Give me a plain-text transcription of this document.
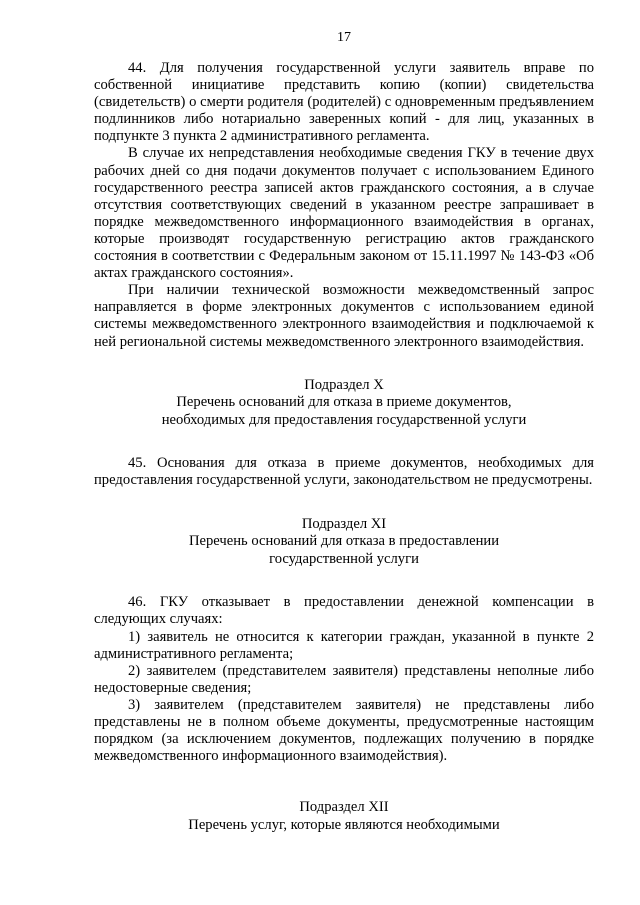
17

44. Для получения государственной услуги заявитель вправе по собственной инициативе представить копию (копии) свидетельства (свидетельств) о смерти родителя (родителей) с одновременным предъявлением подлинников либо нотариально заверенных копий - для лиц, указанных в подпункте 3 пункта 2 административного регламента.

В случае их непредставления необходимые сведения ГКУ в течение двух рабочих дней со дня подачи документов получает с использованием Единого государственного реестра записей актов гражданского состояния, а в случае отсутствия соответствующих сведений в указанном реестре запрашивает в порядке межведомственного информационного взаимодействия в органах, которые производят государственную регистрацию актов гражданского состояния в соответствии с Федеральным законом от 15.11.1997 № 143-ФЗ «Об актах гражданского состояния».

При наличии технической возможности межведомственный запрос направляется в форме электронных документов с использованием единой системы межведомственного электронного взаимодействия и подключаемой к ней региональной системы межведомственного электронного взаимодействия.

Подраздел X
Перечень оснований для отказа в приеме документов,
необходимых для предоставления государственной услуги

45. Основания для отказа в приеме документов, необходимых для предоставления государственной услуги, законодательством не предусмотрены.

Подраздел XI
Перечень оснований для отказа в предоставлении
государственной услуги

46. ГКУ отказывает в предоставлении денежной компенсации в следующих случаях:

1) заявитель не относится к категории граждан, указанной в пункте 2 административного регламента;

2) заявителем (представителем заявителя) представлены неполные либо недостоверные сведения;

3) заявителем (представителем заявителя) не представлены либо представлены не в полном объеме документы, предусмотренные настоящим порядком (за исключением документов, подлежащих получению в порядке межведомственного информационного взаимодействия).

Подраздел XII
Перечень услуг, которые являются необходимыми
